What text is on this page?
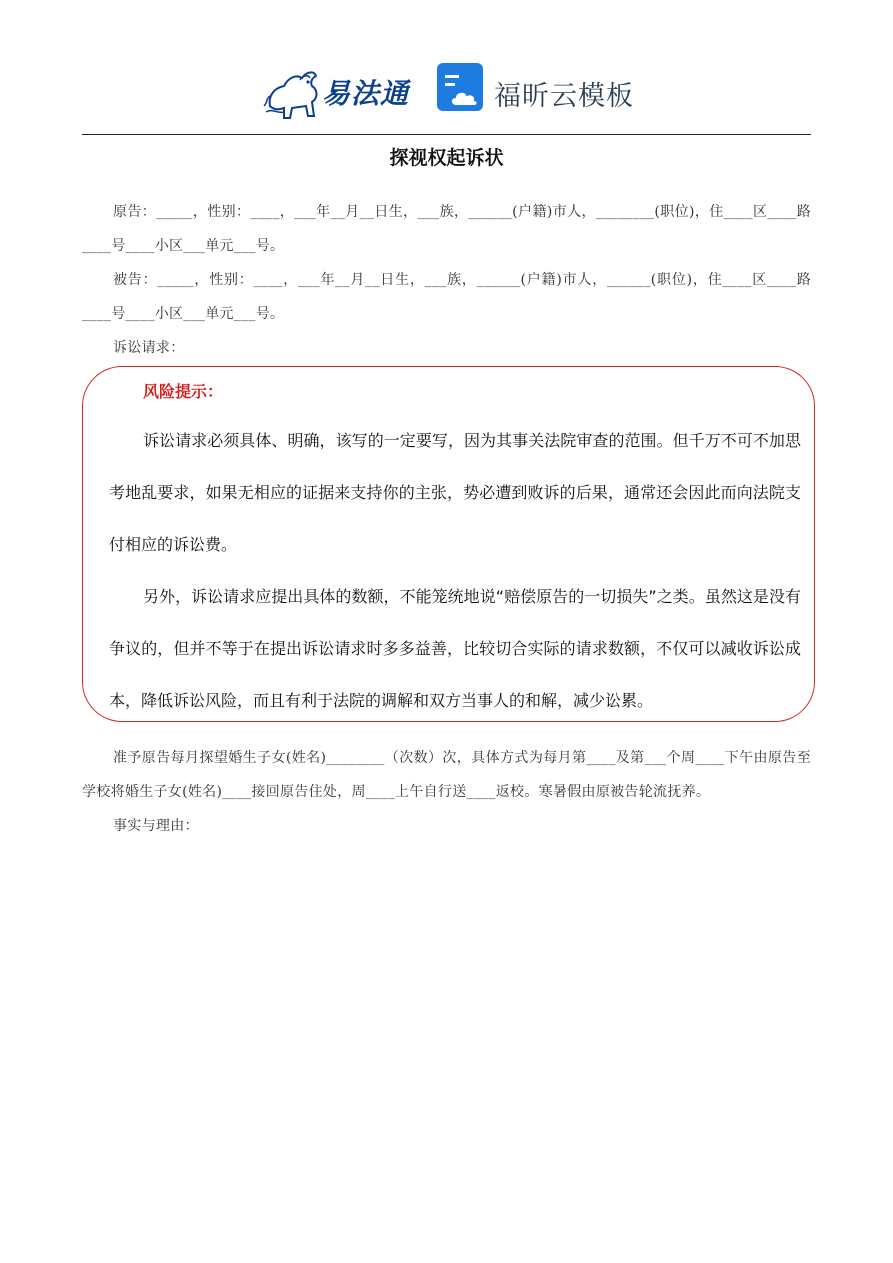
易法通	福昕云模板
探视权起诉状

原告：_____，性别：____，___年__月__日生，___族，______(户籍)市人，________(职位)，住____区____路____号____小区___单元___号。

被告：_____，性别：____，___年__月__日生，___族，______(户籍)市人，______(职位)，住____区____路____号____小区___单元___号。

诉讼请求：

风险提示：

诉讼请求必须具体、明确，该写的一定要写，因为其事关法院审查的范围。但千万不可不加思考地乱要求，如果无相应的证据来支持你的主张，势必遭到败诉的后果，通常还会因此而向法院支付相应的诉讼费。

另外，诉讼请求应提出具体的数额，不能笼统地说“赔偿原告的一切损失”之类。虽然这是没有争议的，但并不等于在提出诉讼请求时多多益善，比较切合实际的请求数额，不仅可以减收诉讼成本，降低诉讼风险，而且有利于法院的调解和双方当事人的和解，减少讼累。

准予原告每月探望婚生子女(姓名)________（次数）次，具体方式为每月第____及第___个周____下午由原告至学校将婚生子女(姓名)____接回原告住处，周____上午自行送____返校。寒暑假由原被告轮流抚养。

事实与理由：
